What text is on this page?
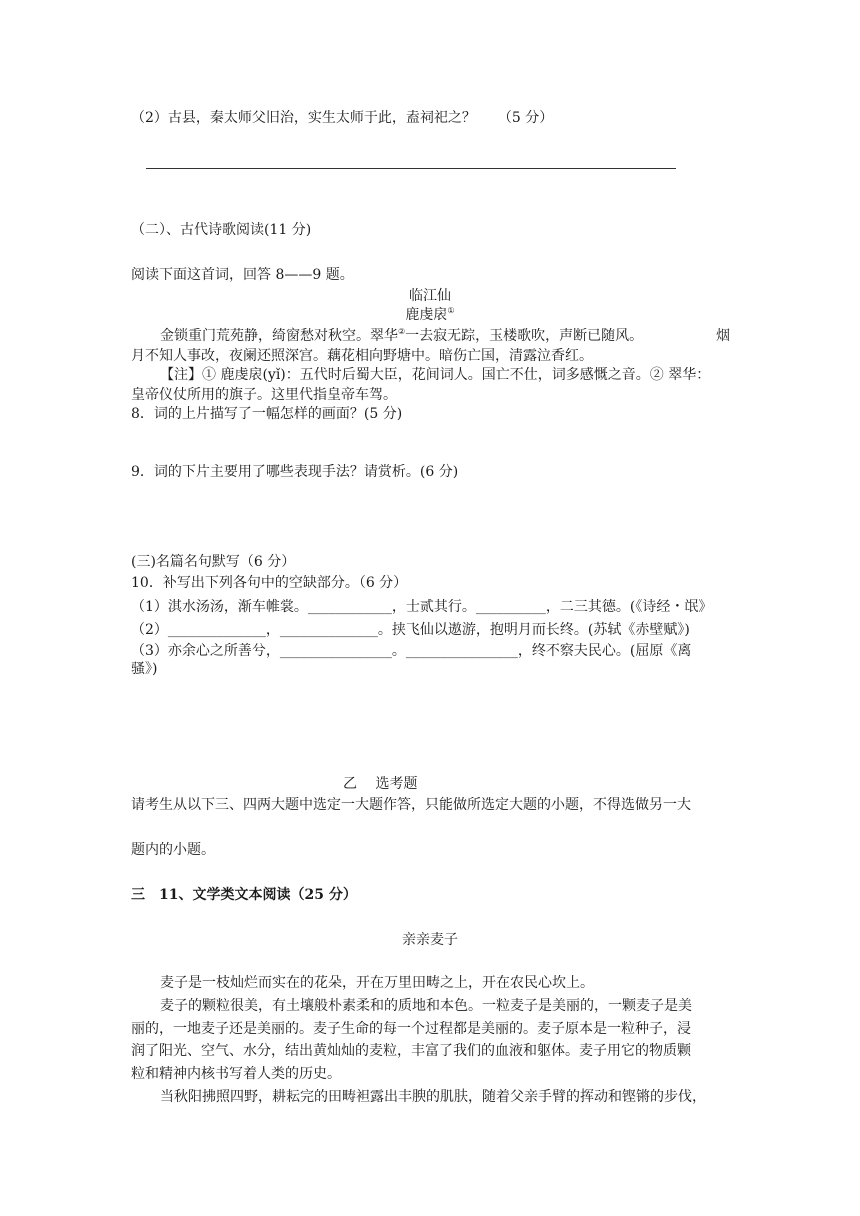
（2）古县，秦太师父旧治，实生太师于此，盍祠祀之？ （5 分）
（二）、古代诗歌阅读(11 分)
阅读下面这首词，回答 8——9 题。
临江仙
鹿虔扆①
金锁重门荒苑静，绮窗愁对秋空。翠华②一去寂无踪，玉楼歌吹，声断已随风。	烟
月不知人事改，夜阑还照深宫。藕花相向野塘中。暗伤亡国，清露泣香红。
【注】① 鹿虔扆(yǐ)：五代时后蜀大臣，花间词人。国亡不仕，词多感慨之音。② 翠华：
皇帝仪仗所用的旗子。这里代指皇帝车驾。
8．词的上片描写了一幅怎样的画面？(5 分)
9．词的下片主要用了哪些表现手法？请赏析。(6 分)
(三)名篇名句默写（6 分）
10．补写出下列各句中的空缺部分。（6 分）
（1）淇水汤汤，渐车帷裳。____________，士贰其行。__________，二三其德。(《诗经・氓》
（2）______________，______________。挟飞仙以遨游，抱明月而长终。(苏轼《赤壁赋》)
（3）亦余心之所善兮，________________。________________，终不察夫民心。(屈原《离
骚》)
乙　 选考题
请考生从以下三、四两大题中选定一大题作答，只能做所选定大题的小题，不得选做另一大
题内的小题。
三　11、文学类文本阅读（25 分）
亲亲麦子
麦子是一枝灿烂而实在的花朵，开在万里田畴之上，开在农民心坎上。
麦子的颗粒很美，有土壤般朴素柔和的质地和本色。一粒麦子是美丽的，一颗麦子是美
丽的，一地麦子还是美丽的。麦子生命的每一个过程都是美丽的。麦子原本是一粒种子，浸
润了阳光、空气、水分，结出黄灿灿的麦粒，丰富了我们的血液和躯体。麦子用它的物质颗
粒和精神内核书写着人类的历史。
当秋阳拂照四野，耕耘完的田畴袒露出丰腴的肌肤，随着父亲手臂的挥动和铿锵的步伐，
